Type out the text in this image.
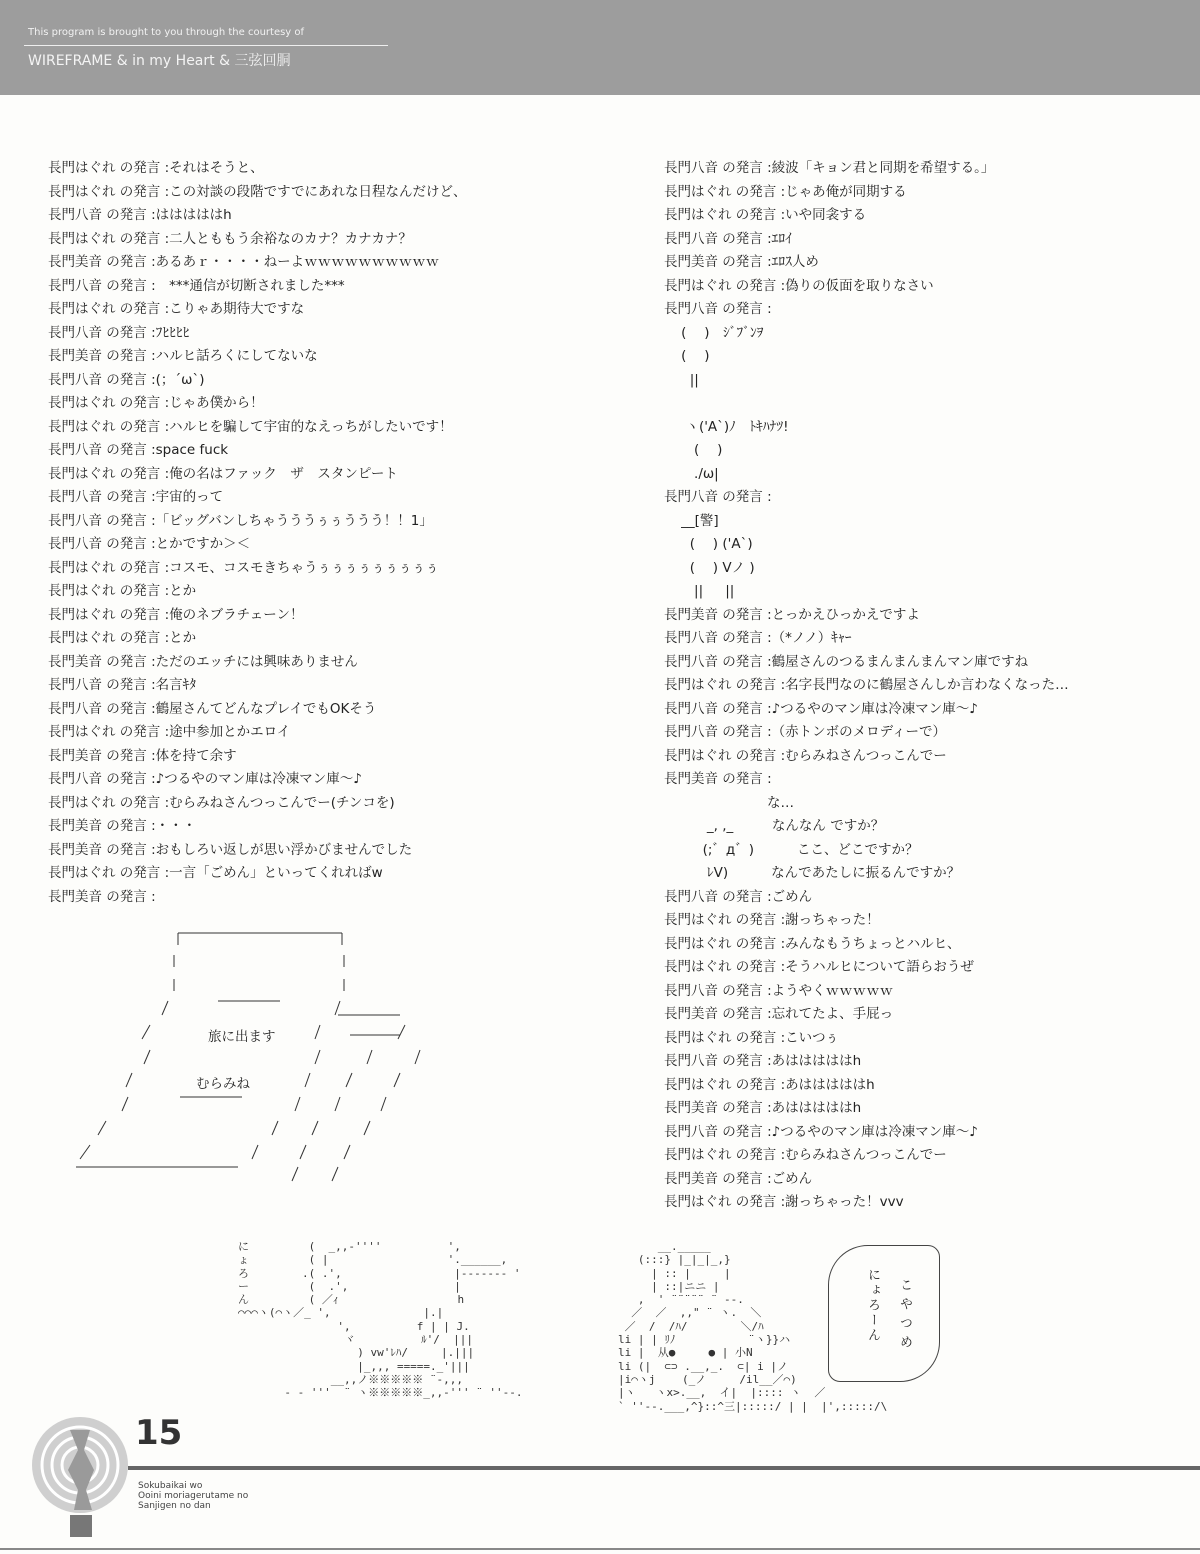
This program is brought to you through the courtesy of
WIREFRAME & in my Heart & 三弦回胴
長門はぐれ の発言 :それはそうと、
長門はぐれ の発言 :この対談の段階ですでにあれな日程なんだけど、
長門八音 の発言 :はははははh
長門はぐれ の発言 :二人とももう余裕なのカナ？カナカナ？
長門美音 の発言 :あるあｒ・・・・ねーよｗｗｗｗｗｗｗｗｗｗ
長門八音 の発言 :　***通信が切断されました***
長門はぐれ の発言 :こりゃあ期待大ですな
長門八音 の発言 :ﾌﾋﾋﾋﾋ
長門美音 の発言 :ハルヒ話ろくにしてないな
長門八音 の発言 :(；´ω`)
長門はぐれ の発言 :じゃあ僕から！
長門はぐれ の発言 :ハルヒを騙して宇宙的なえっちがしたいです！
長門八音 の発言 :space fuck
長門はぐれ の発言 :俺の名はファック　ザ　スタンピート
長門八音 の発言 :宇宙的って
長門八音 の発言 :「ビッグバンしちゃうううぅぅううう！！1」
長門八音 の発言 :とかですか＞＜
長門はぐれ の発言 :コスモ、コスモきちゃうぅぅぅぅぅぅぅぅぅ
長門はぐれ の発言 :とか
長門はぐれ の発言 :俺のネブラチェーン！
長門はぐれ の発言 :とか
長門美音 の発言 :ただのエッチには興味ありません
長門八音 の発言 :名言ｷﾀ
長門八音 の発言 :鶴屋さんてどんなプレイでもOKそう
長門はぐれ の発言 :途中参加とかエロイ
長門美音 の発言 :体を持て余す
長門八音 の発言 :♪つるやのマン庫は冷凍マン庫～♪
長門はぐれ の発言 :むらみねさんつっこんでー(チンコを)
長門美音 の発言 :・・・
長門美音 の発言 :おもしろい返しが思い浮かびませんでした
長門はぐれ の発言 :一言「ごめん」といってくれればw
長門美音 の発言 :
長門八音 の発言 :綾波「キョン君と同期を希望する。」
長門はぐれ の発言 :じゃあ俺が同期する
長門はぐれ の発言 :いや同衾する
長門八音 の発言 :ｴﾛｲ
長門美音 の発言 :ｴﾛｽ人め
長門はぐれ の発言 :偽りの仮面を取りなさい
長門八音 の発言 :
(　 )　ｼﾞﾌﾞﾝｦ
(　 )
||
ヽ('A`)ﾉ　ﾄｷﾊﾅﾂ!
(　 )
./ω|
長門八音 の発言 :
__[警]
(　 ) ('A`)
(　 ) Vノ )
||　  ||
長門美音 の発言 :とっかえひっかえですよ
長門八音 の発言 :（*ノノ）ｷｬｰ
長門八音 の発言 :鶴屋さんのつるまんまんまんマン庫ですね
長門はぐれ の発言 :名字長門なのに鶴屋さんしか言わなくなった…
長門八音 の発言 :♪つるやのマン庫は冷凍マン庫～♪
長門八音 の発言 :（赤トンボのメロディーで）
長門はぐれ の発言 :むらみねさんつっこんでー
長門美音 の発言 :
な…
_, ,_         なんなん ですか？
(;゛д゛)          ここ、どこですか？
ﾚV)          なんであたしに振るんですか？
長門八音 の発言 :ごめん
長門はぐれ の発言 :謝っちゃった！
長門はぐれ の発言 :みんなもうちょっとハルヒ、
長門はぐれ の発言 :そうハルヒについて語らおうぜ
長門八音 の発言 :ようやくｗｗｗｗｗ
長門美音 の発言 :忘れてたよ、手屁っ
長門はぐれ の発言 :こいつぅ
長門八音 の発言 :あはははははh
長門はぐれ の発言 :あはははははh
長門美音 の発言 :あはははははh
長門八音 の発言 :♪つるやのマン庫は冷凍マン庫～♪
長門はぐれ の発言 :むらみねさんつっこんでー
長門美音 の発言 :ごめん
長門はぐれ の発言 :謝っちゃった！vvv
旅に出ます
むらみね
に         (  _,,-''''          ',
ょ         ( |                  '.______,
ろ        .( .',                 |------- '
ー         (  .',                |
ん         ( ／ｨ                  h
⌒⌒⌒ヽ(⌒ヽ／_ ',              |.|
',          f | | J.
ヾ          ﾙ'/  |||
) vw'ﾚﾊ/     |.|||
|_,,, =====._'|||
__,,ノ※※※※※ ¨-,,,
- - '''  ¨ ヽ※※※※※_,,-''' ¨ ''--.
__._____
(:::} |_|_|_,}
| :: |     |
| ::|ニニ |
,  ' ¨¨¨¨¨ ¨ --.
／  ／  ,," ¨ ヽ.  ＼
／  /  /ﾊ/        ＼/ﾊ
li | | ﾘﾉ           ¨ヽ}}ハ
li |  从●     ● | 小N
li (|  ⊂⊃ .__,_.  ⊂| i |ノ
|i⌒ヽj    (_ノ     /il__／⌒)
|ヽ   ヽx>.__,  イ|  |:::: ヽ  ／
` ''--.___,^}::^三|:::::/ | |  |',:::::/\
にょろーん こやつめ
15
Sokubaikai wo
Ooini moriagerutame no
Sanjigen no dan
